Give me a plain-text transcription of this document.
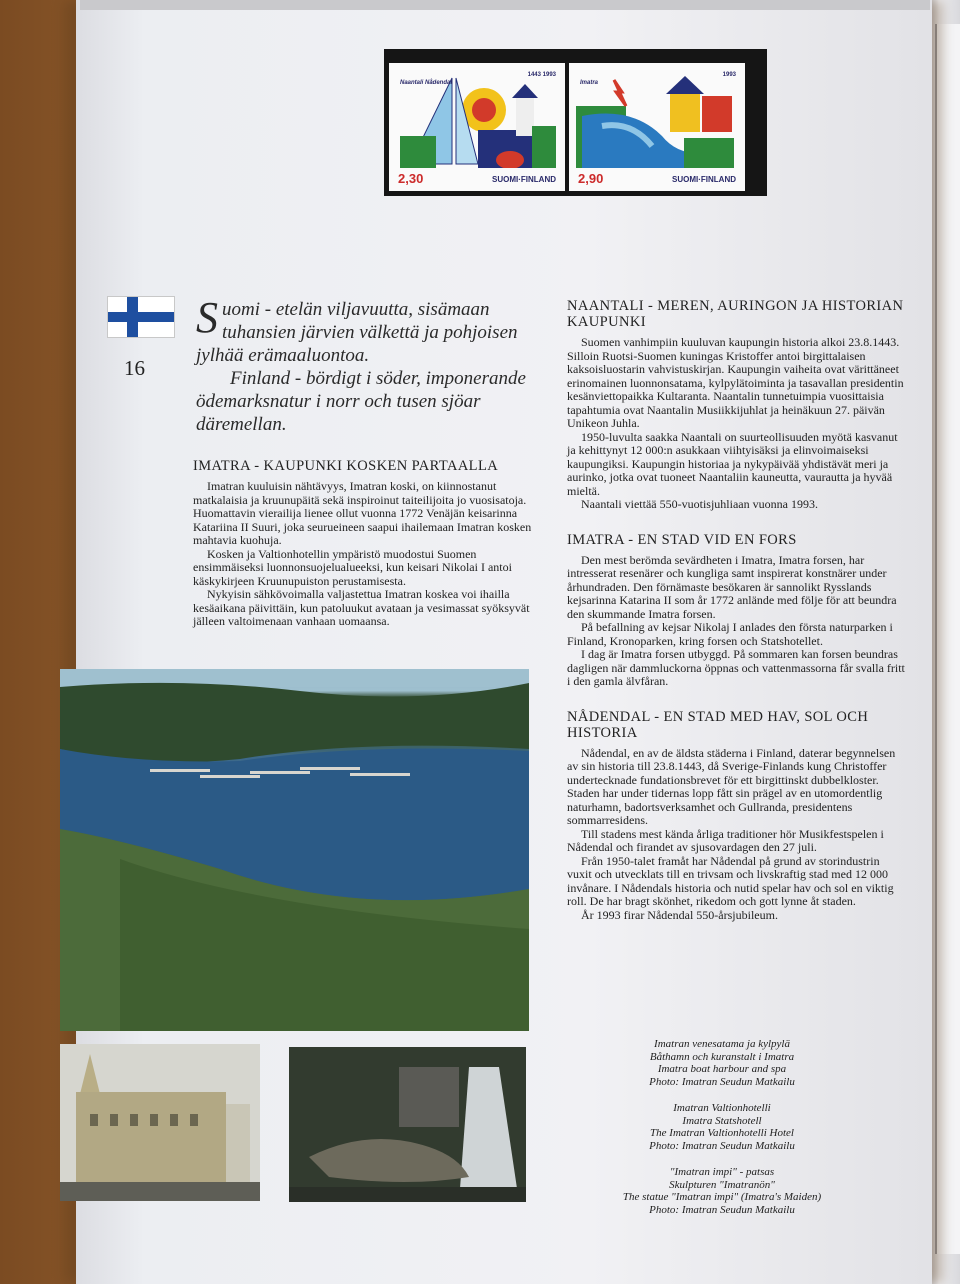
Naantali Nådendal
1443 1993
2,30	SUOMI·FINLAND
Imatra
1993
2,90	SUOMI·FINLAND
16

Suomi - etelän viljavuutta, sisämaan tuhansien järvien välkettä ja pohjoisen jylhää erämaaluontoa.

Finland - bördigt i söder, imponerande ödemarksnatur i norr och tusen sjöar däremellan.

IMATRA - KAUPUNKI KOSKEN PARTAALLA

Imatran kuuluisin nähtävyys, Imatran koski, on kiinnostanut matkalaisia ja kruunupäitä sekä inspiroinut taiteilijoita jo vuosisatoja. Huomattavin vierailija lienee ollut vuonna 1772 Venäjän keisarinna Katariina II Suuri, joka seurueineen saapui ihailemaan Imatran kosken mahtavia kuohuja.

Kosken ja Valtionhotellin ympäristö muodostui Suomen ensimmäiseksi luonnonsuojelualueeksi, kun keisari Nikolai I antoi käskykirjeen Kruunupuiston perustamisesta.

Nykyisin sähkövoimalla valjastettua Imatran koskea voi ihailla kesäaikana päivittäin, kun patoluukut avataan ja vesimassat syöksyvät jälleen valtoimenaan vanhaan uomaansa.

NAANTALI - MEREN, AURINGON JA HISTORIAN KAUPUNKI

Suomen vanhimpiin kuuluvan kaupungin historia alkoi 23.8.1443. Silloin Ruotsi-Suomen kuningas Kristoffer antoi birgittalaisen kaksoisluostarin vahvistuskirjan. Kaupungin vaiheita ovat värittäneet erinomainen luonnonsatama, kylpylätoiminta ja tasavallan presidentin kesänviettopaikka Kultaranta. Naantalin tunnetuimpia vuosittaisia tapahtumia ovat Naantalin Musiikkijuhlat ja heinäkuun 27. päivän Unikeon Juhla.

1950-luvulta saakka Naantali on suurteollisuuden myötä kasvanut ja kehittynyt 12 000:n asukkaan viihtyisäksi ja elinvoimaiseksi kaupungiksi. Kaupungin historiaa ja nykypäivää yhdistävät meri ja aurinko, jotka ovat tuoneet Naantaliin kauneutta, vaurautta ja hyvää mieltä.

Naantali viettää 550-vuotisjuhliaan vuonna 1993.

IMATRA - EN STAD VID EN FORS

Den mest berömda sevärdheten i Imatra, Imatra forsen, har intresserat resenärer och kungliga samt inspirerat konstnärer under århundraden. Den förnämaste besökaren är sannolikt Rysslands kejsarinna Katarina II som år 1772 anlände med följe för att beundra den skummande Imatra forsen.

På befallning av kejsar Nikolaj I anlades den första naturparken i Finland, Kronoparken, kring forsen och Statshotellet.

I dag är Imatra forsen utbyggd. På sommaren kan forsen beundras dagligen när dammluckorna öppnas och vattenmassorna får svalla fritt i den gamla älvfåran.

NÅDENDAL - EN STAD MED HAV, SOL OCH HISTORIA

Nådendal, en av de äldsta städerna i Finland, daterar begynnelsen av sin historia till 23.8.1443, då Sverige-Finlands kung Christoffer undertecknade fundationsbrevet för ett birgittinskt dubbelkloster. Staden har under tidernas lopp fått sin prägel av en utomordentlig naturhamn, badortsverksamhet och Gullranda, presidentens sommarresidens.

Till stadens mest kända årliga traditioner hör Musikfestspelen i Nådendal och firandet av sjusovardagen den 27 juli.

Från 1950-talet framåt har Nådendal på grund av storindustrin vuxit och utvecklats till en trivsam och livskraftig stad med 12 000 invånare. I Nådendals historia och nutid spelar hav och sol en viktig roll. De har bragt skönhet, rikedom och gott lynne åt staden.

År 1993 firar Nådendal 550-årsjubileum.

Imatran venesatama ja kylpylä
Båthamn och kuranstalt i Imatra
Imatra boat harbour and spa
Photo: Imatran Seudun Matkailu
Imatran Valtionhotelli
Imatra Statshotell
The Imatran Valtionhotelli Hotel
Photo: Imatran Seudun Matkailu
"Imatran impi" - patsas
Skulpturen "Imatranön"
The statue "Imatran impi" (Imatra's Maiden)
Photo: Imatran Seudun Matkailu
